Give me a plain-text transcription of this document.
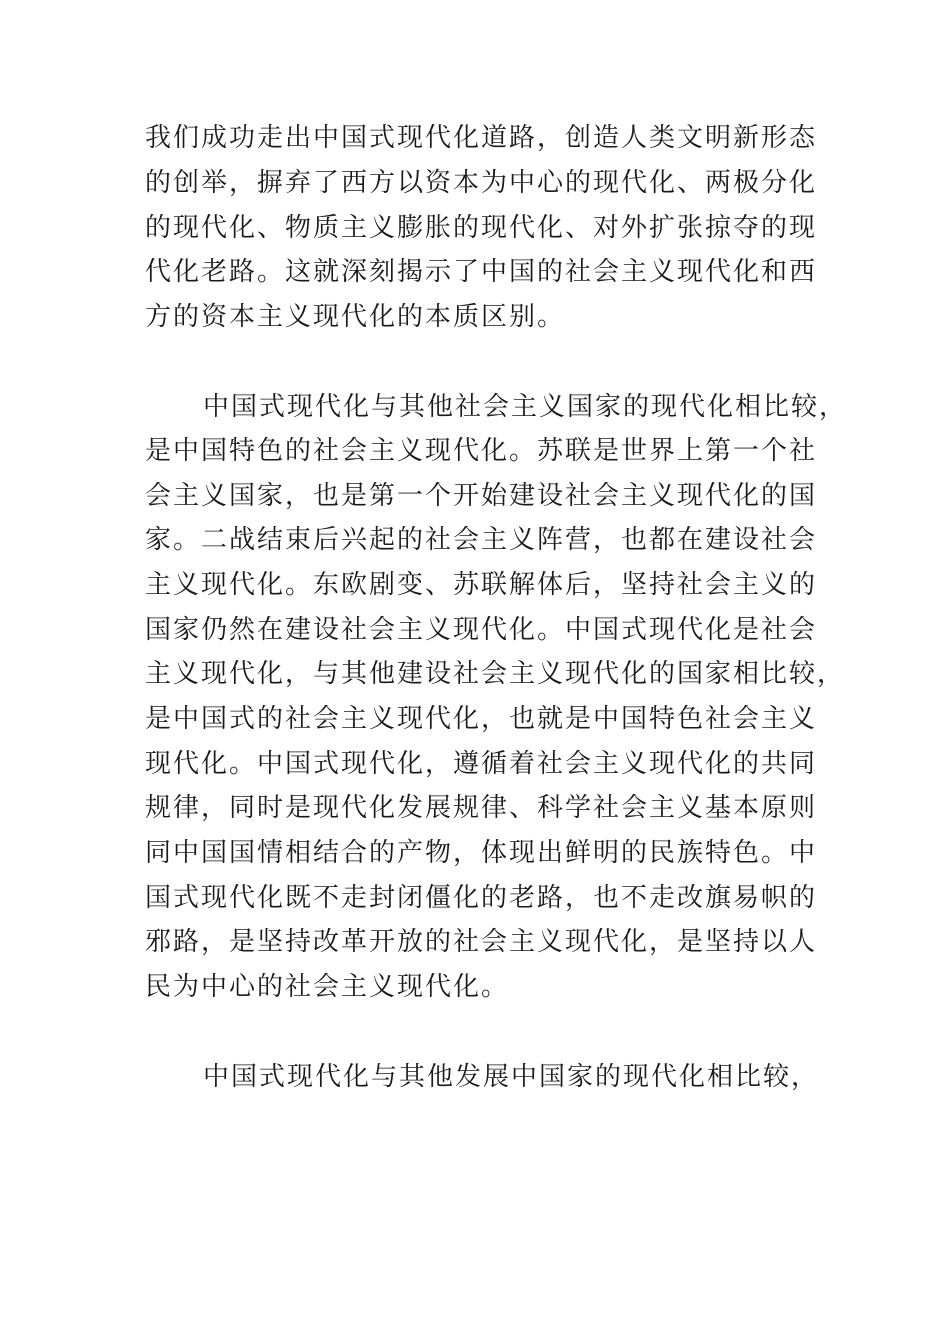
我们成功走出中国式现代化道路，创造人类文明新形态
的创举，摒弃了西方以资本为中心的现代化、两极分化
的现代化、物质主义膨胀的现代化、对外扩张掠夺的现
代化老路。这就深刻揭示了中国的社会主义现代化和西
方的资本主义现代化的本质区别。
中国式现代化与其他社会主义国家的现代化相比较，
是中国特色的社会主义现代化。苏联是世界上第一个社
会主义国家，也是第一个开始建设社会主义现代化的国
家。二战结束后兴起的社会主义阵营，也都在建设社会
主义现代化。东欧剧变、苏联解体后，坚持社会主义的
国家仍然在建设社会主义现代化。中国式现代化是社会
主义现代化，与其他建设社会主义现代化的国家相比较，
是中国式的社会主义现代化，也就是中国特色社会主义
现代化。中国式现代化，遵循着社会主义现代化的共同
规律，同时是现代化发展规律、科学社会主义基本原则
同中国国情相结合的产物，体现出鲜明的民族特色。中
国式现代化既不走封闭僵化的老路，也不走改旗易帜的
邪路，是坚持改革开放的社会主义现代化，是坚持以人
民为中心的社会主义现代化。
中国式现代化与其他发展中国家的现代化相比较，
